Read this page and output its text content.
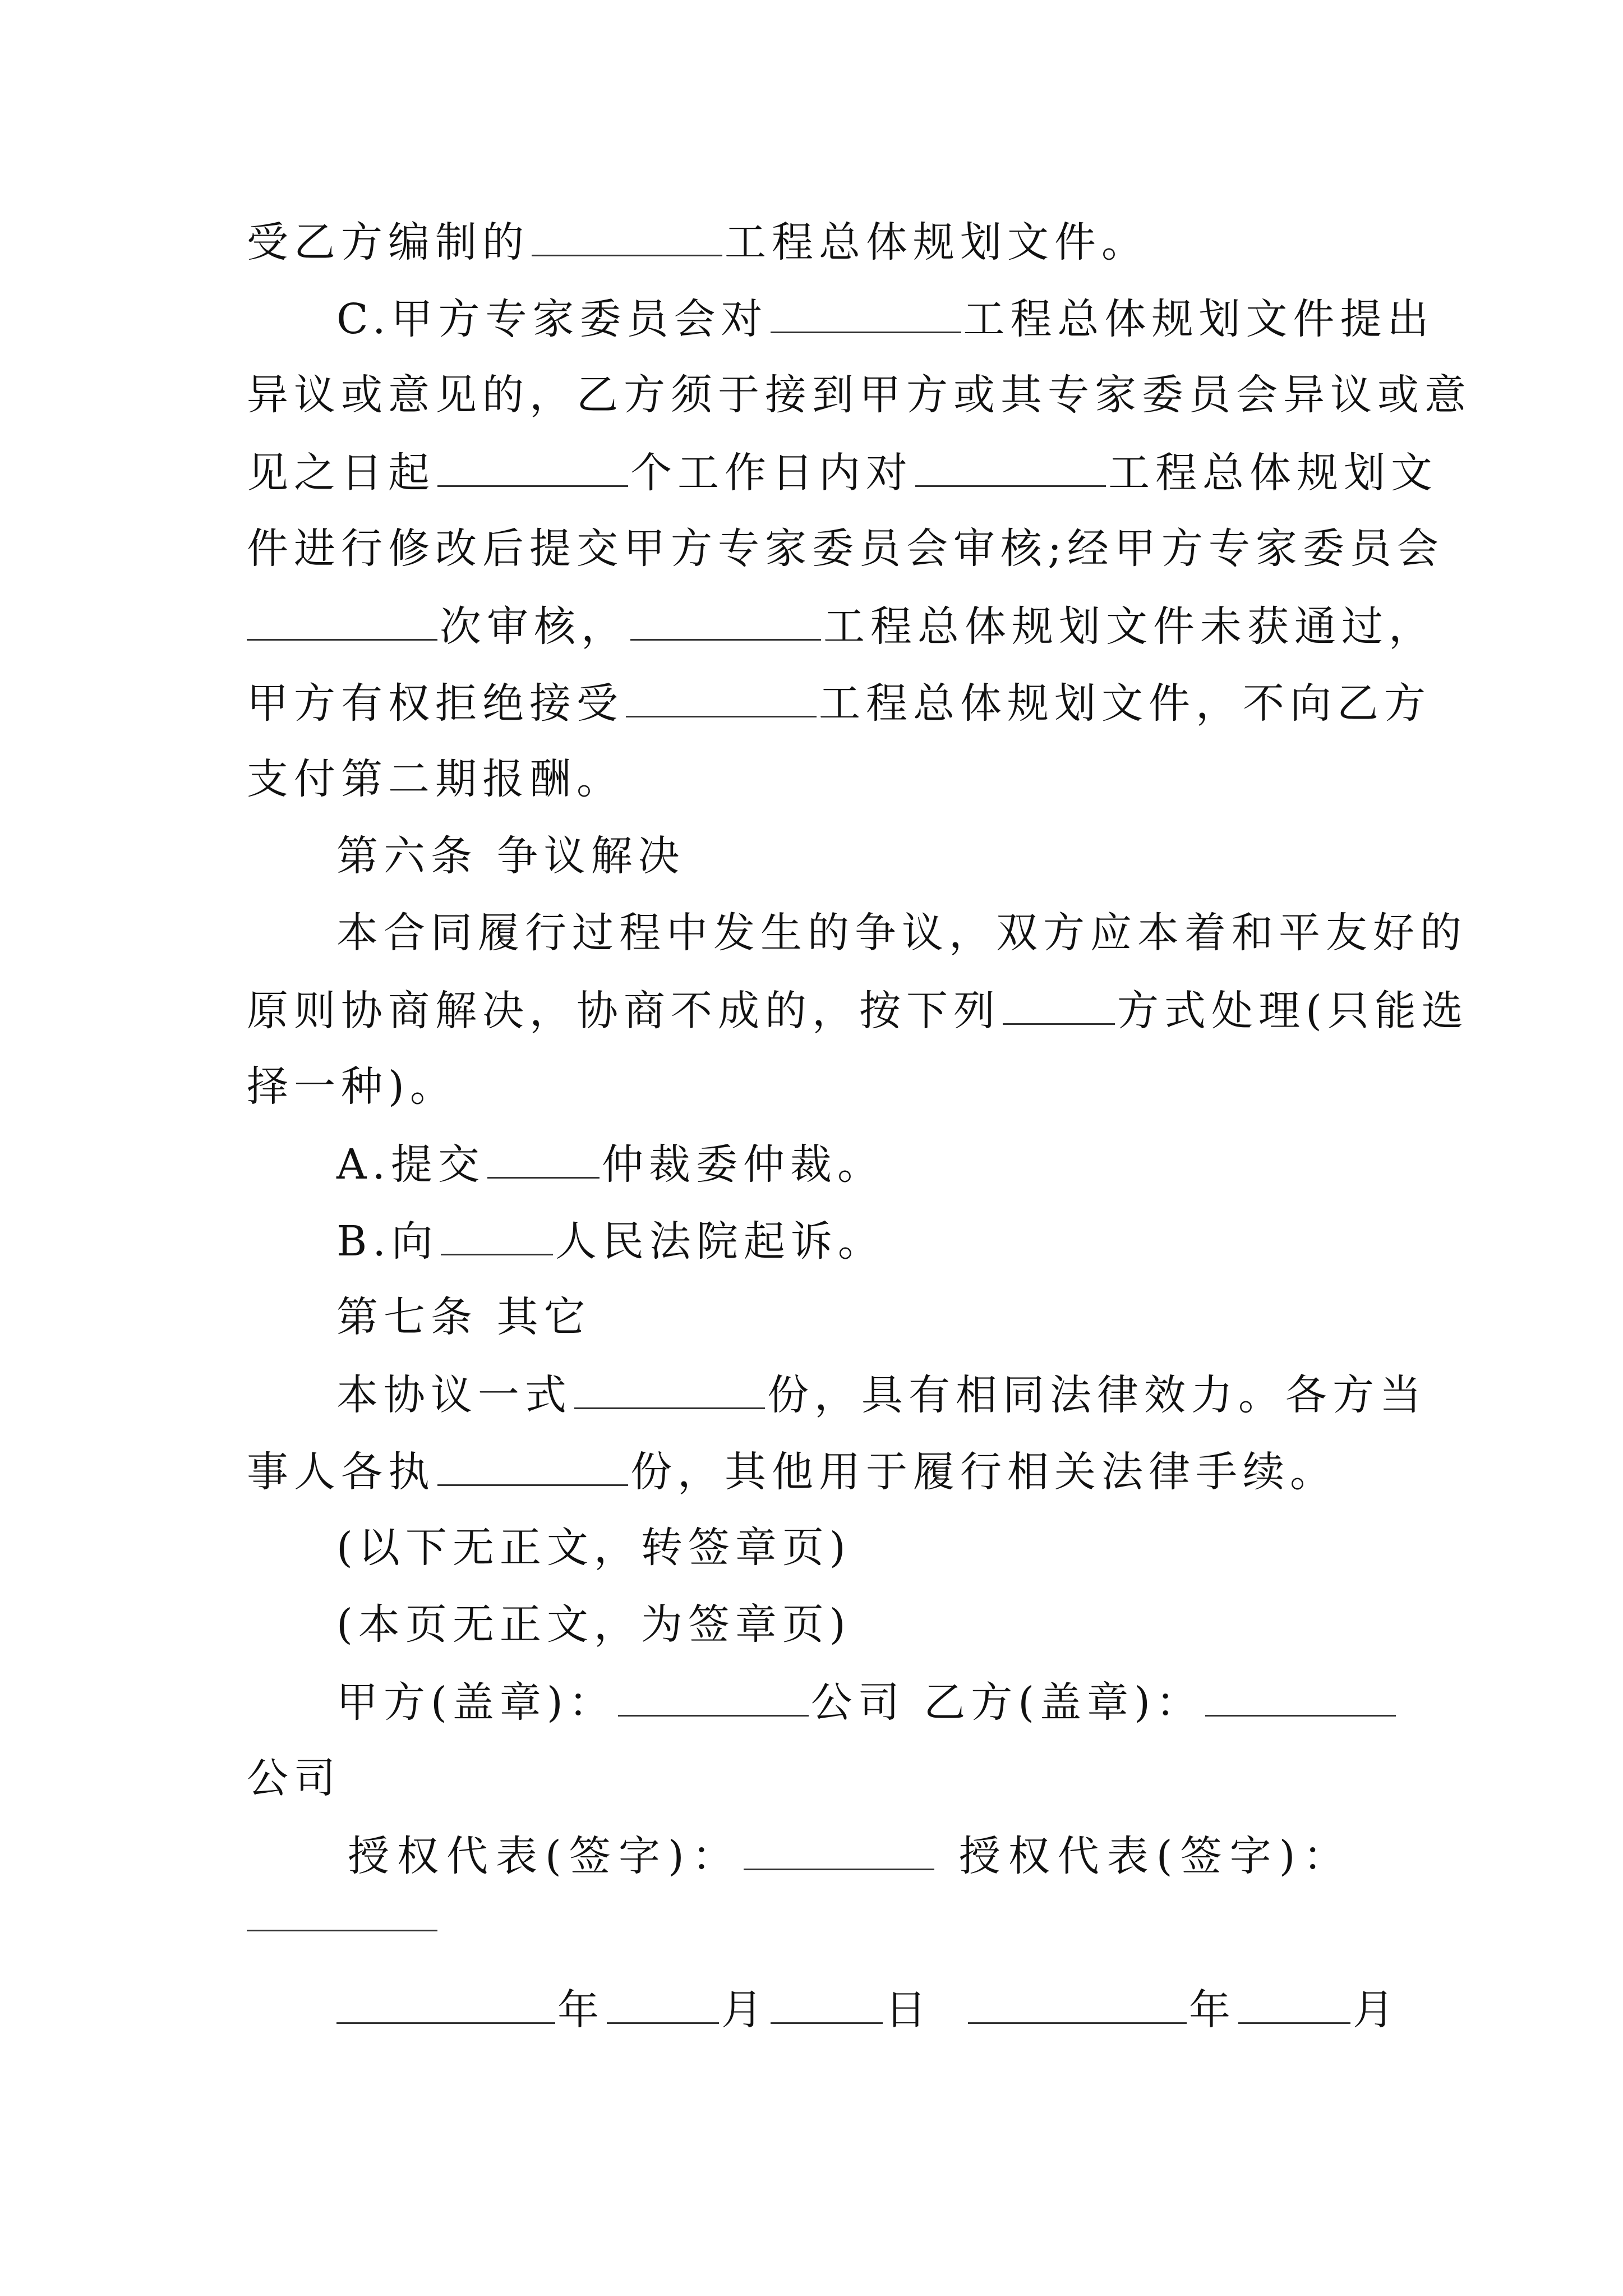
受乙方编制的	工程总体规划文件。
C.甲方专家委员会对	工程总体规划文件提出
异议或意见的，乙方须于接到甲方或其专家委员会异议或意
见之日起	个工作日内对	工程总体规划文
件进行修改后提交甲方专家委员会审核;经甲方专家委员会
次审核，	工程总体规划文件未获通过，
甲方有权拒绝接受	工程总体规划文件，不向乙方
支付第二期报酬。
第六条 争议解决
本合同履行过程中发生的争议，双方应本着和平友好的
原则协商解决，协商不成的，按下列	方式处理(只能选
择一种)。
A.提交	仲裁委仲裁。
B.向	人民法院起诉。
第七条 其它
本协议一式	份，具有相同法律效力。各方当
事人各执	份，其他用于履行相关法律手续。
(以下无正文，转签章页)
(本页无正文，为签章页)
甲方(盖章)：	公司 乙方(盖章)：
公司
授权代表(签字)：	授权代表(签字)：
年	月	日	年	月
